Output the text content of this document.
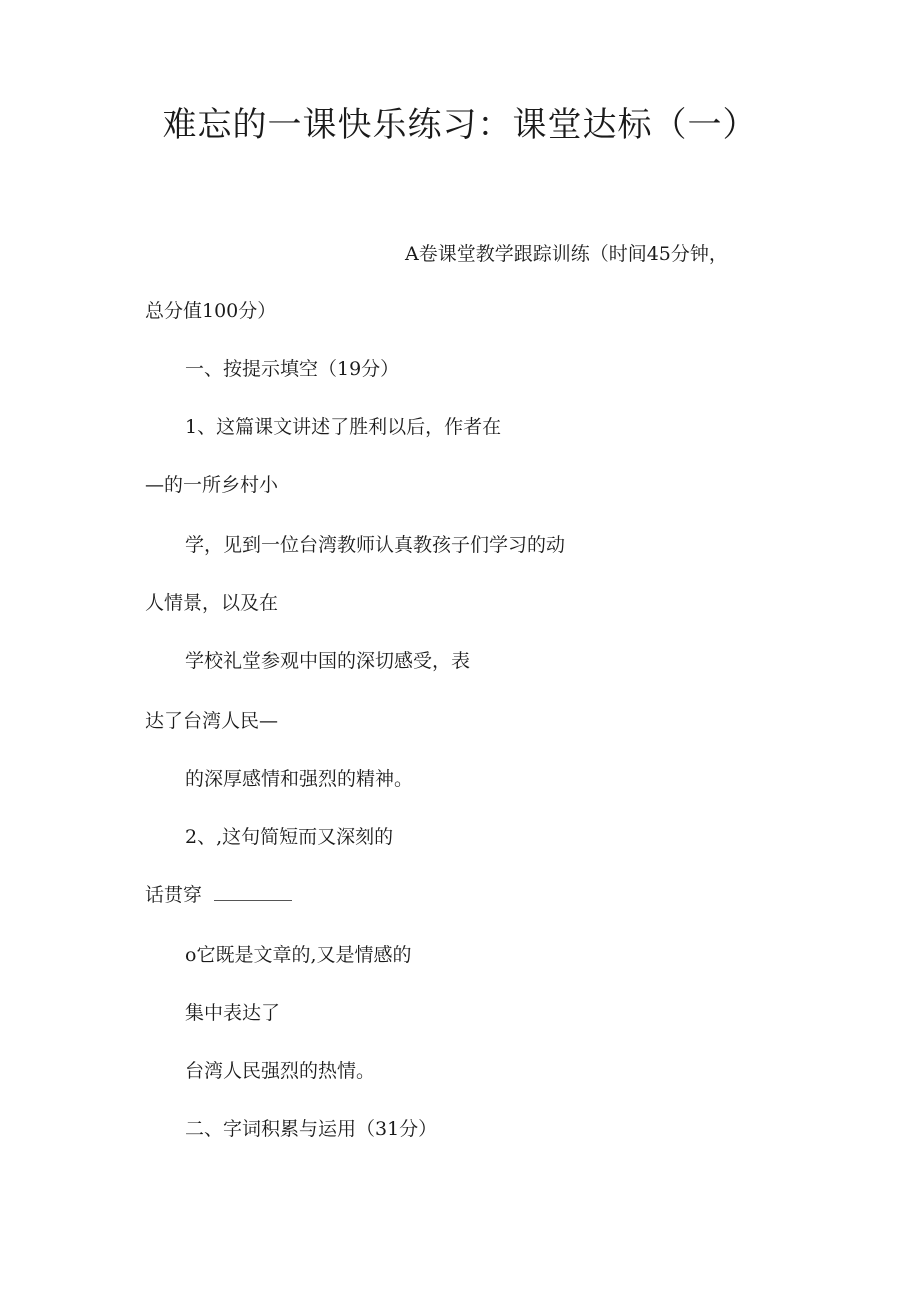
难忘的一课快乐练习：课堂达标（一）
A卷课堂教学跟踪训练（时间45分钟，
总分值100分）
一、按提示填空（19分）
1、这篇课文讲述了胜利以后，作者在
—的一所乡村小
学，见到一位台湾教师认真教孩子们学习的动
人情景，以及在
学校礼堂参观中国的深切感受，表
达了台湾人民—
的深厚感情和强烈的精神。
2、,这句简短而又深刻的
话贯穿
o它既是文章的,又是情感的
集中表达了
台湾人民强烈的热情。
二、字词积累与运用（31分）
